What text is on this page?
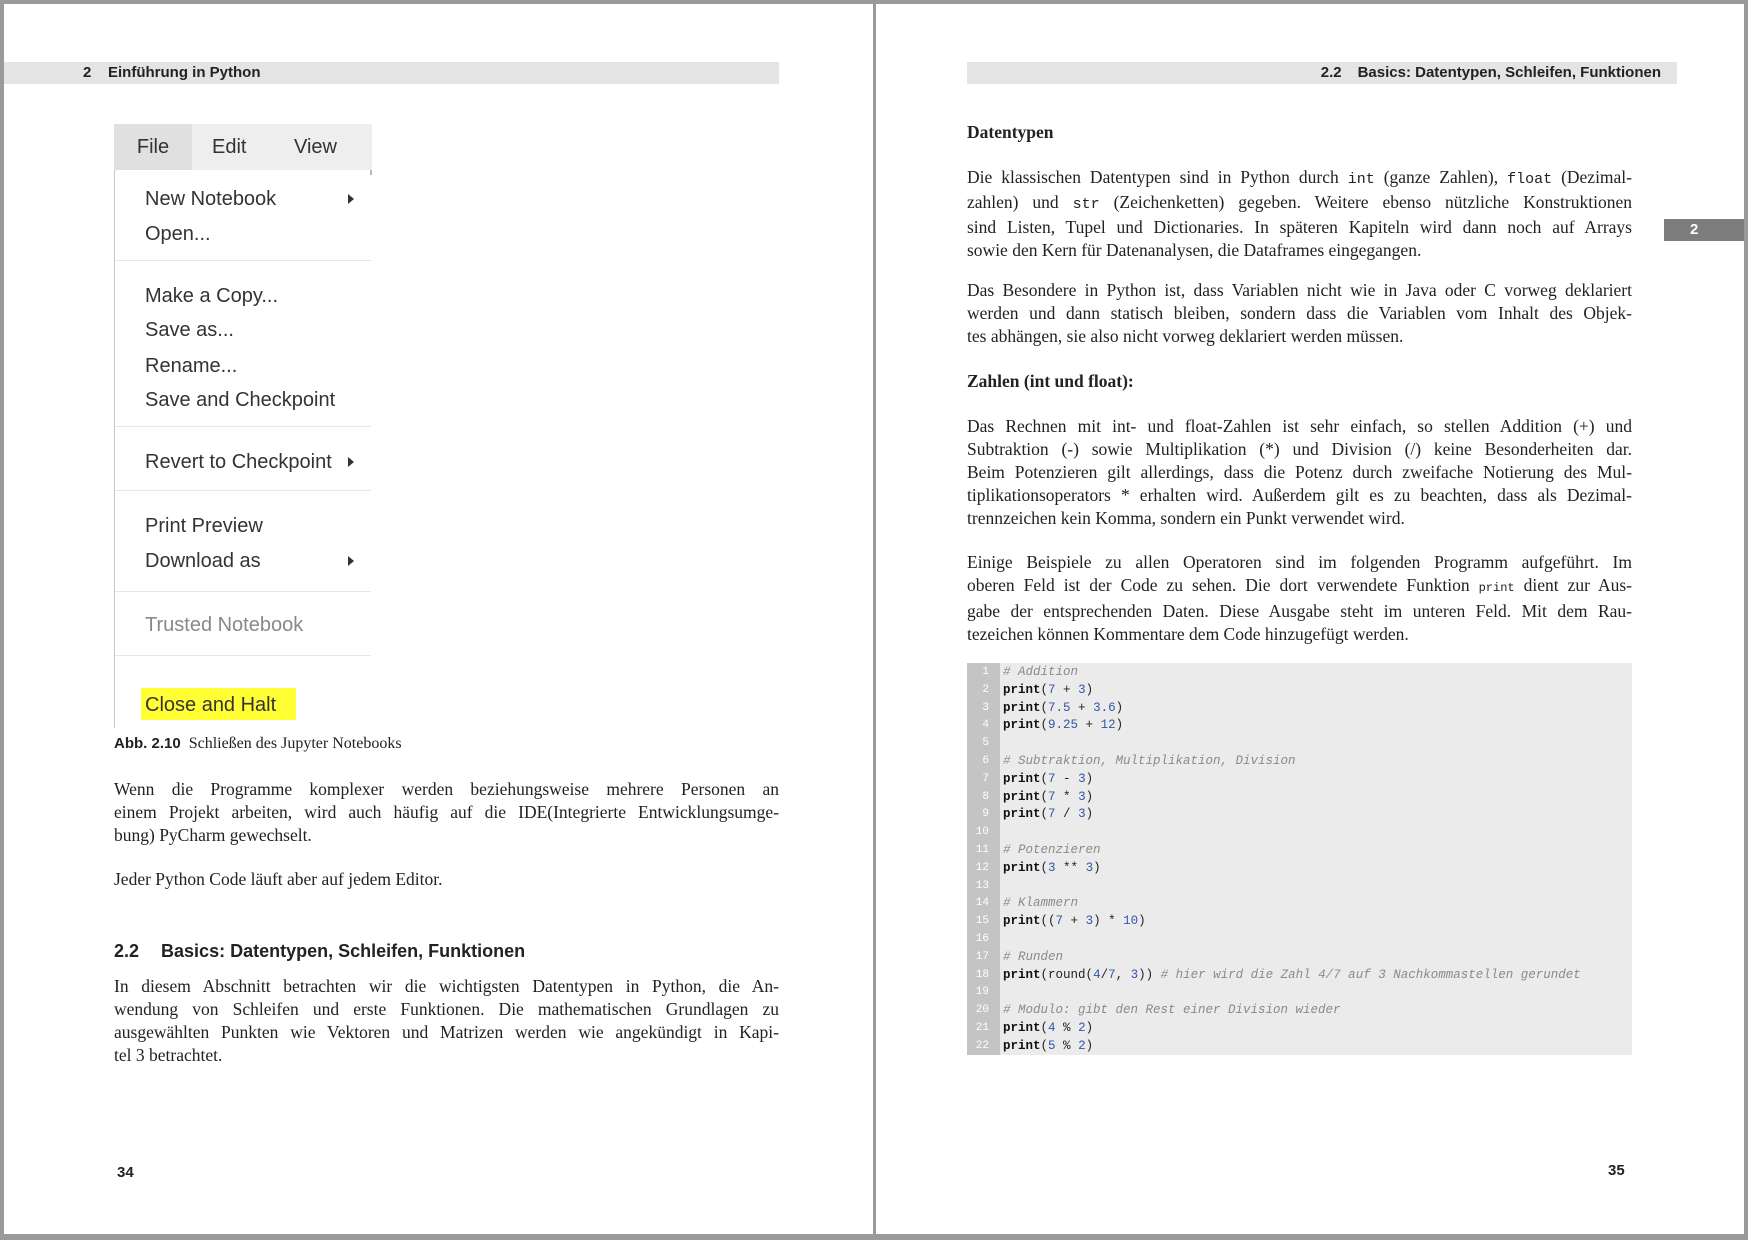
2 Einführung in Python
File	Edit View
New Notebook
Open...
Make a Copy...
Save as...
Rename...
Save and Checkpoint
Revert to Checkpoint
Print Preview
Download as
Trusted Notebook
Close and Halt
Abb. 2.10 Schließen des Jupyter Notebooks
Wenn die Programme komplexer werden beziehungsweise mehrere Personen an
einem Projekt arbeiten, wird auch häufig auf die IDE(Integrierte Entwicklungsumge-
bung) PyCharm gewechselt.
Jeder Python Code läuft aber auf jedem Editor.
2.2 Basics: Datentypen, Schleifen, Funktionen
In diesem Abschnitt betrachten wir die wichtigsten Datentypen in Python, die An-
wendung von Schleifen und erste Funktionen. Die mathematischen Grundlagen zu
ausgewählten Punkten wie Vektoren und Matrizen werden wie angekündigt in Kapi-
tel 3 betrachtet.
34
2.2 Basics: Datentypen, Schleifen, Funktionen
2
Datentypen
Die klassischen Datentypen sind in Python durch int (ganze Zahlen), float (Dezimal-
zahlen) und str (Zeichenketten) gegeben. Weitere ebenso nützliche Konstruktionen
sind Listen, Tupel und Dictionaries. In späteren Kapiteln wird dann noch auf Arrays
sowie den Kern für Datenanalysen, die Dataframes eingegangen.
Das Besondere in Python ist, dass Variablen nicht wie in Java oder C vorweg deklariert
werden und dann statisch bleiben, sondern dass die Variablen vom Inhalt des Objek-
tes abhängen, sie also nicht vorweg deklariert werden müssen.
Zahlen (int und float):
Das Rechnen mit int- und float-Zahlen ist sehr einfach, so stellen Addition (+) und
Subtraktion (-) sowie Multiplikation (*) und Division (/) keine Besonderheiten dar.
Beim Potenzieren gilt allerdings, dass die Potenz durch zweifache Notierung des Mul-
tiplikationsoperators * erhalten wird. Außerdem gilt es zu beachten, dass als Dezimal-
trennzeichen kein Komma, sondern ein Punkt verwendet wird.
Einige Beispiele zu allen Operatoren sind im folgenden Programm aufgeführt. Im
oberen Feld ist der Code zu sehen. Die dort verwendete Funktion print dient zur Aus-
gabe der entsprechenden Daten. Diese Ausgabe steht im unteren Feld. Mit dem Rau-
tezeichen können Kommentare dem Code hinzugefügt werden.
1 # Addition
2 print(7 + 3)
3 print(7.5 + 3.6)
4 print(9.25 + 12)
5
6 # Subtraktion, Multiplikation, Division
7 print(7 - 3)
8 print(7 * 3)
9 print(7 / 3)
10
11 # Potenzieren
12 print(3 ** 3)
13
14 # Klammern
15 print((7 + 3) * 10)
16
17 # Runden
18 print(round(4/7, 3)) # hier wird die Zahl 4/7 auf 3 Nachkommastellen gerundet
19
20 # Modulo: gibt den Rest einer Division wieder
21 print(4 % 2)
22 print(5 % 2)
35
